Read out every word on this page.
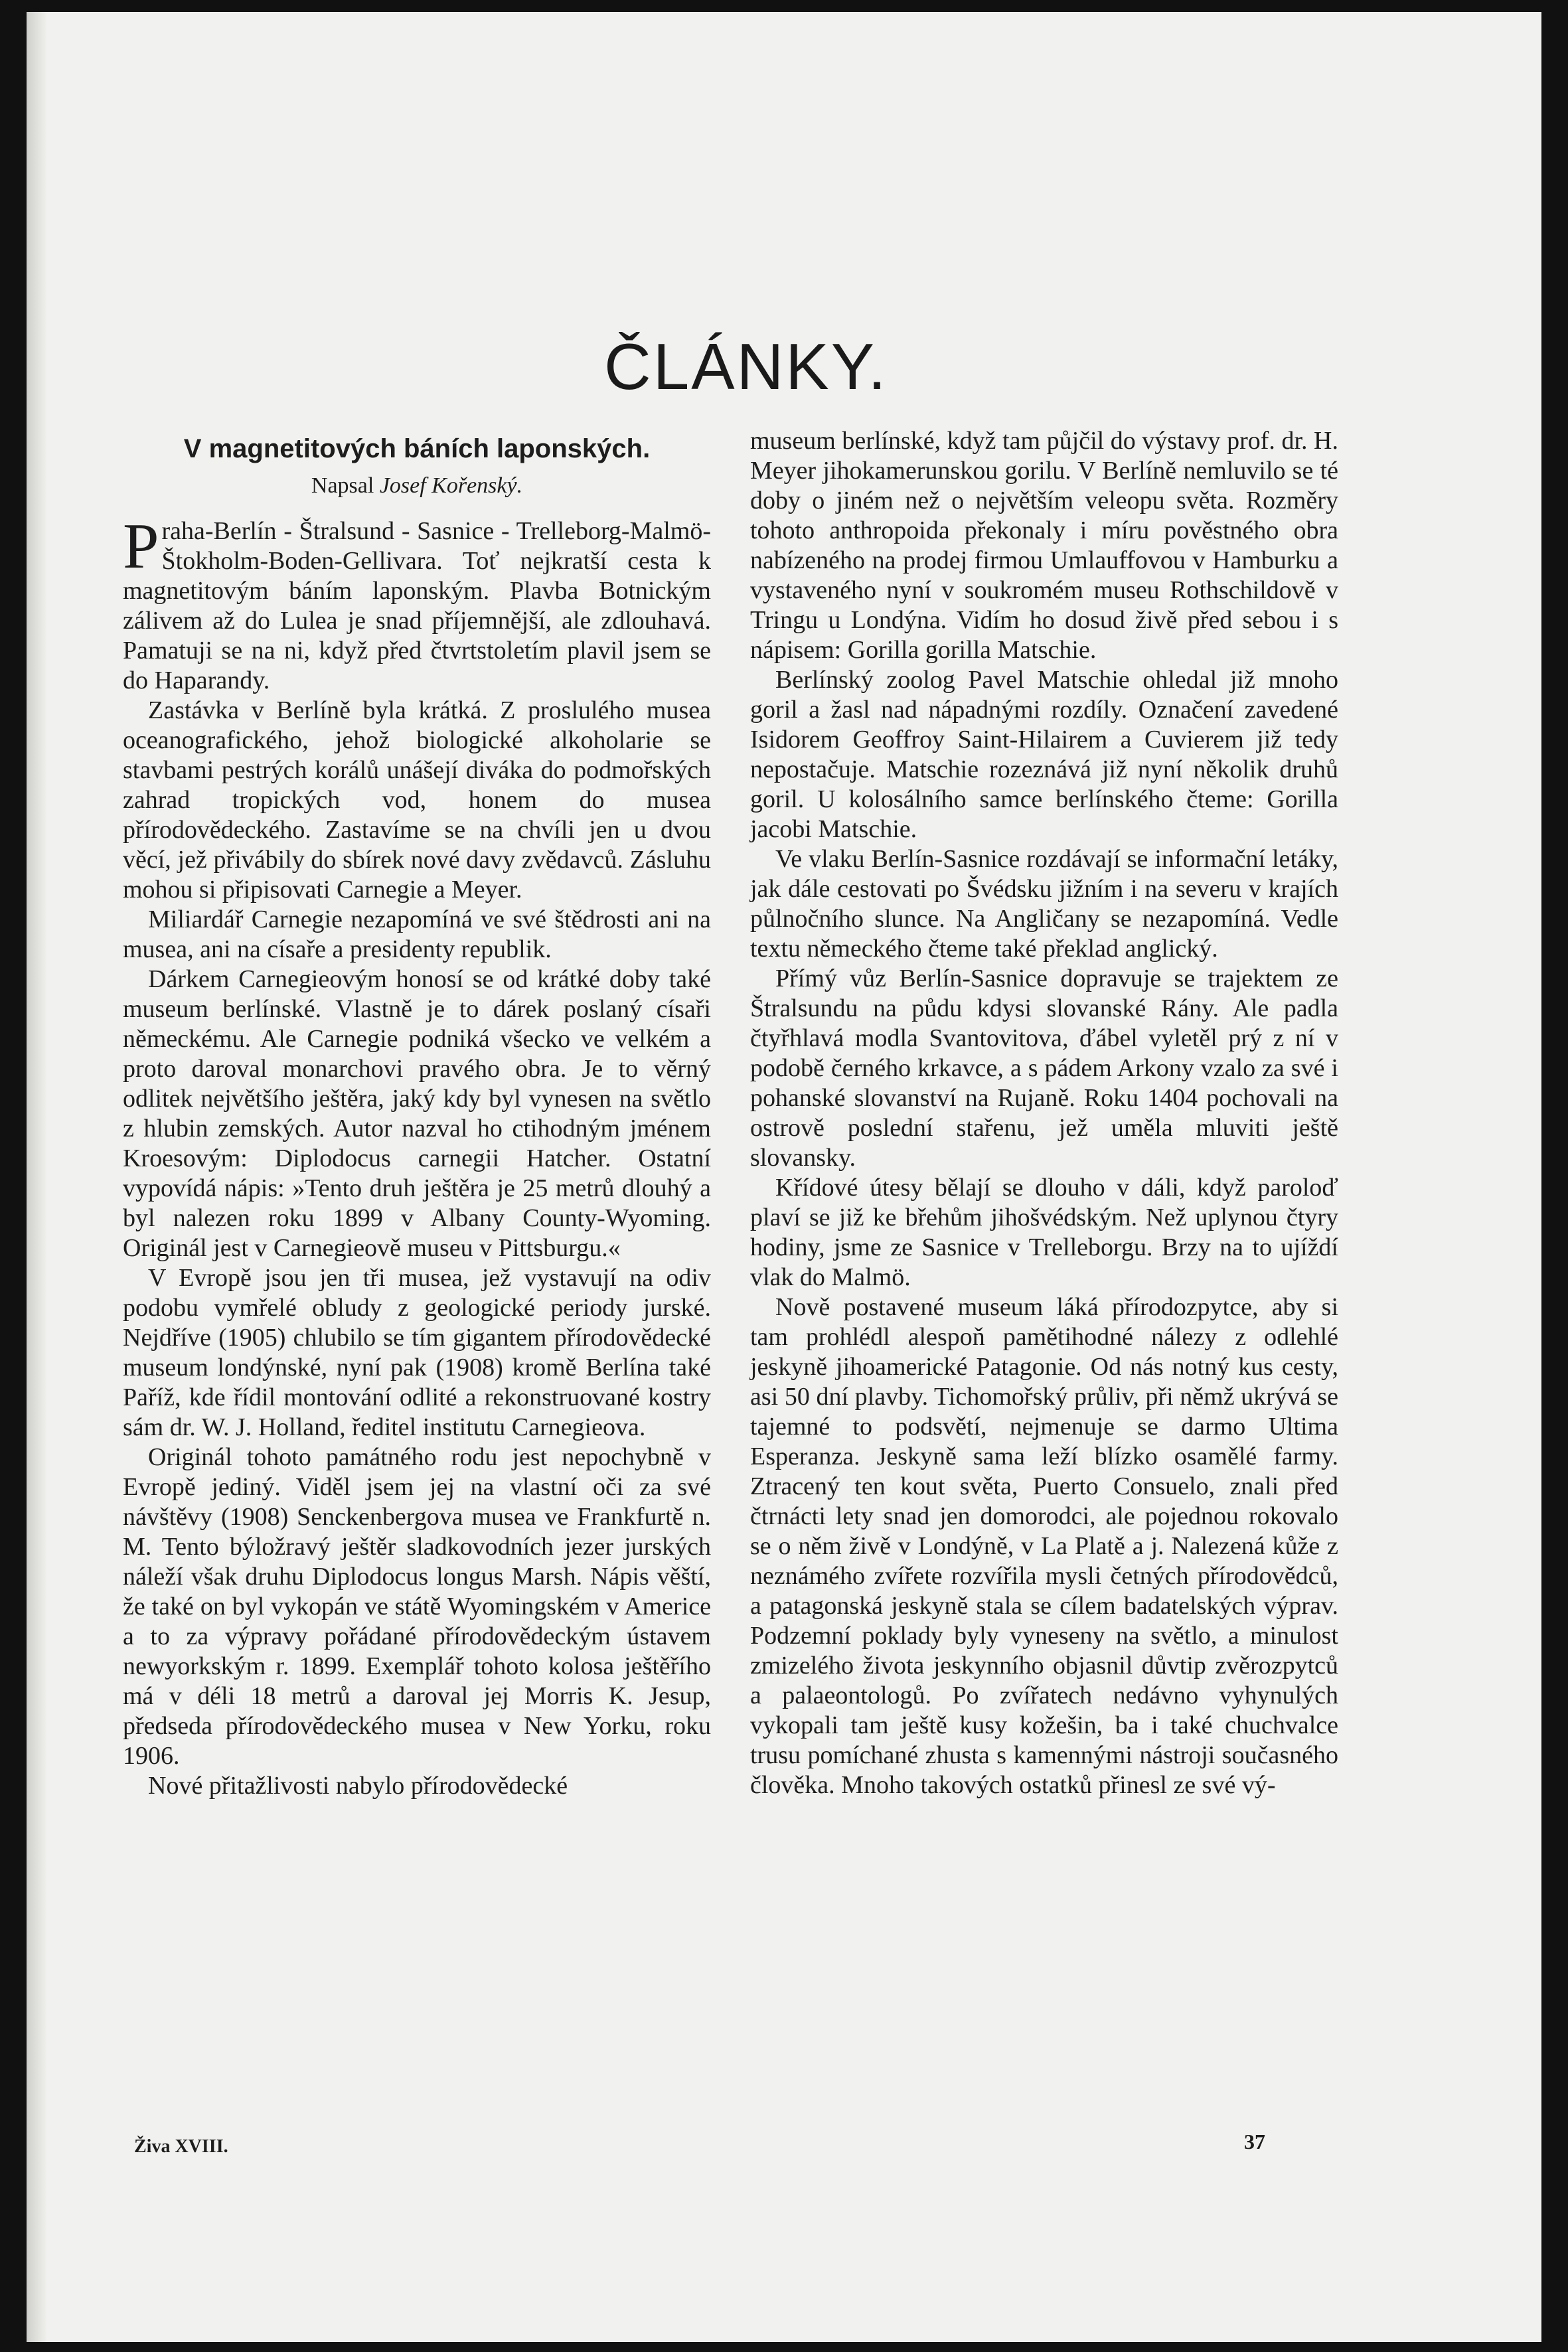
ČLÁNKY.
V magnetitových báních laponských.
Napsal Josef Kořenský.

Praha-Berlín - Štralsund - Sasnice - Trelleborg-Malmö-Štokholm-Boden-Gellivara. Toť nejkratší cesta k magnetitovým báním laponským. Plavba Botnickým zálivem až do Lulea je snad příjemnější, ale zdlouhavá. Pamatuji se na ni, když před čtvrtstoletím plavil jsem se do Haparandy.

Zastávka v Berlíně byla krátká. Z proslulého musea oceanografického, jehož biologické alkoholarie se stavbami pestrých korálů unášejí diváka do podmořských zahrad tropických vod, honem do musea přírodovědeckého. Zastavíme se na chvíli jen u dvou věcí, jež přivábily do sbírek nové davy zvědavců. Zásluhu mohou si připisovati Carnegie a Meyer.

Miliardář Carnegie nezapomíná ve své štědrosti ani na musea, ani na císaře a presidenty republik.

Dárkem Carnegieovým honosí se od krátké doby také museum berlínské. Vlastně je to dárek poslaný císaři německému. Ale Carnegie podniká všecko ve velkém a proto daroval monarchovi pravého obra. Je to věrný odlitek největšího ještěra, jaký kdy byl vynesen na světlo z hlubin zemských. Autor nazval ho ctihodným jménem Kroesovým: Diplodocus carnegii Hatcher. Ostatní vypovídá nápis: »Tento druh ještěra je 25 metrů dlouhý a byl nalezen roku 1899 v Albany County-Wyoming. Originál jest v Carnegieově museu v Pittsburgu.«

V Evropě jsou jen tři musea, jež vystavují na odiv podobu vymřelé obludy z geologické periody jurské. Nejdříve (1905) chlubilo se tím gigantem přírodovědecké museum londýnské, nyní pak (1908) kromě Berlína také Paříž, kde řídil montování odlité a rekonstruované kostry sám dr. W. J. Holland, ředitel institutu Carnegieova.

Originál tohoto památného rodu jest nepochybně v Evropě jediný. Viděl jsem jej na vlastní oči za své návštěvy (1908) Senckenbergova musea ve Frankfurtě n. M. Tento býložravý ještěr sladkovodních jezer jurských náleží však druhu Diplodocus longus Marsh. Nápis věští, že také on byl vykopán ve státě Wyomingském v Americe a to za výpravy pořádané přírodovědeckým ústavem newyorkským r. 1899. Exemplář tohoto kolosa ještěřího má v déli 18 metrů a daroval jej Morris K. Jesup, předseda přírodovědeckého musea v New Yorku, roku 1906.

Nové přitažlivosti nabylo přírodovědecké

museum berlínské, když tam půjčil do výstavy prof. dr. H. Meyer jihokamerunskou gorilu. V Berlíně nemluvilo se té doby o jiném než o největším veleopu světa. Rozměry tohoto anthropoida překonaly i míru pověstného obra nabízeného na prodej firmou Umlauffovou v Hamburku a vystaveného nyní v soukromém museu Rothschildově v Tringu u Londýna. Vidím ho dosud živě před sebou i s nápisem: Gorilla gorilla Matschie.

Berlínský zoolog Pavel Matschie ohledal již mnoho goril a žasl nad nápadnými rozdíly. Označení zavedené Isidorem Geoffroy Saint-Hilairem a Cuvierem již tedy nepostačuje. Matschie rozeznává již nyní několik druhů goril. U kolosálního samce berlínského čteme: Gorilla jacobi Matschie.

Ve vlaku Berlín-Sasnice rozdávají se informační letáky, jak dále cestovati po Švédsku jižním i na severu v krajích půlnočního slunce. Na Angličany se nezapomíná. Vedle textu německého čteme také překlad anglický.

Přímý vůz Berlín-Sasnice dopravuje se trajektem ze Štralsundu na půdu kdysi slovanské Rány. Ale padla čtyřhlavá modla Svantovitova, ďábel vyletěl prý z ní v podobě černého krkavce, a s pádem Arkony vzalo za své i pohanské slovanství na Rujaně. Roku 1404 pochovali na ostrově poslední stařenu, jež uměla mluviti ještě slovansky.

Křídové útesy bělají se dlouho v dáli, když paroloď plaví se již ke břehům jihošvédským. Než uplynou čtyry hodiny, jsme ze Sasnice v Trelleborgu. Brzy na to ujíždí vlak do Malmö.

Nově postavené museum láká přírodozpytce, aby si tam prohlédl alespoň pamětihodné nálezy z odlehlé jeskyně jihoamerické Patagonie. Od nás notný kus cesty, asi 50 dní plavby. Tichomořský průliv, při němž ukrývá se tajemné to podsvětí, nejmenuje se darmo Ultima Esperanza. Jeskyně sama leží blízko osamělé farmy. Ztracený ten kout světa, Puerto Consuelo, znali před čtrnácti lety snad jen domorodci, ale pojednou rokovalo se o něm živě v Londýně, v La Platě a j. Nalezená kůže z neznámého zvířete rozvířila mysli četných přírodovědců, a patagonská jeskyně stala se cílem badatelských výprav. Podzemní poklady byly vyneseny na světlo, a minulost zmizelého života jeskynního objasnil důvtip zvěrozpytců a palaeontologů. Po zvířatech nedávno vyhynulých vykopali tam ještě kusy kožešin, ba i také chuchvalce trusu pomíchané zhusta s kamennými nástroji současného člověka. Mnoho takových ostatků přinesl ze své vý-

Živa XVIII.	37
